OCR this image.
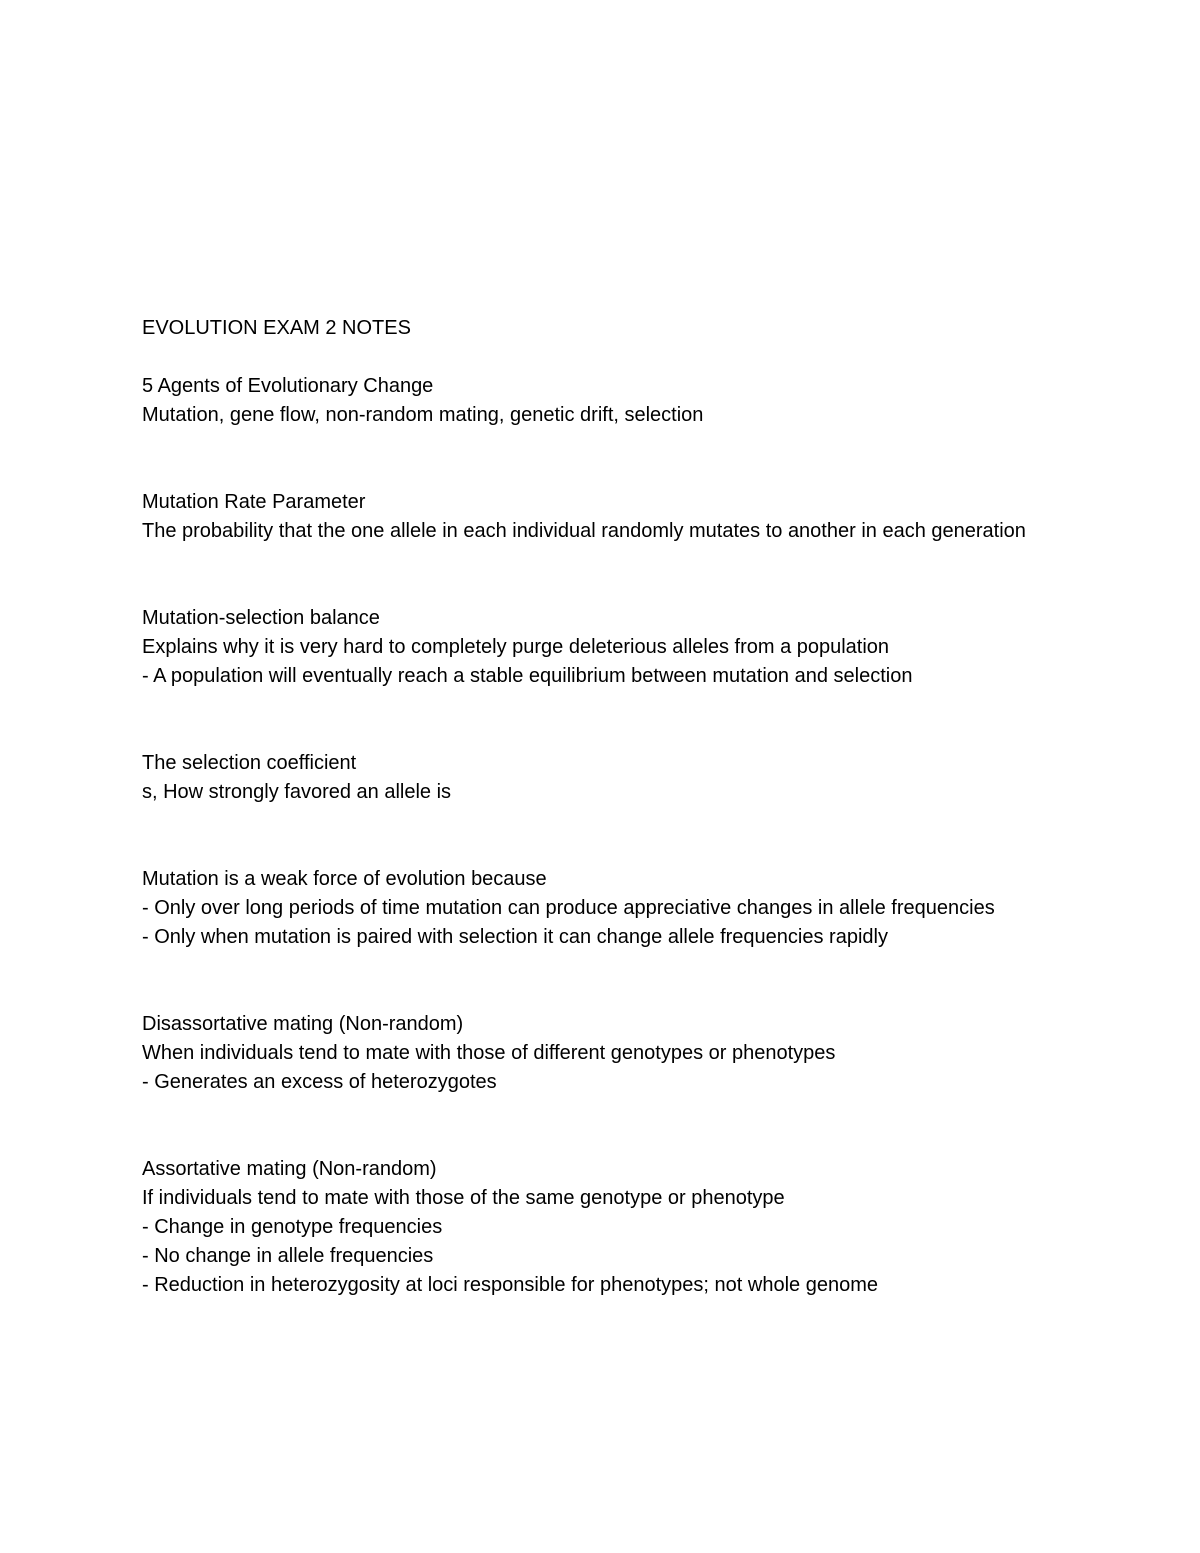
EVOLUTION EXAM 2 NOTES
5 Agents of Evolutionary Change
Mutation, gene flow, non-random mating, genetic drift, selection
Mutation Rate Parameter
The probability that the one allele in each individual randomly mutates to another in each generation
Mutation-selection balance
Explains why it is very hard to completely purge deleterious alleles from a population
- A population will eventually reach a stable equilibrium between mutation and selection
The selection coefficient
s, How strongly favored an allele is
Mutation is a weak force of evolution because
- Only over long periods of time mutation can produce appreciative changes in allele frequencies
- Only when mutation is paired with selection it can change allele frequencies rapidly
Disassortative mating (Non-random)
When individuals tend to mate with those of different genotypes or phenotypes
- Generates an excess of heterozygotes
Assortative mating (Non-random)
If individuals tend to mate with those of the same genotype or phenotype
- Change in genotype frequencies
- No change in allele frequencies
- Reduction in heterozygosity at loci responsible for phenotypes; not whole genome
